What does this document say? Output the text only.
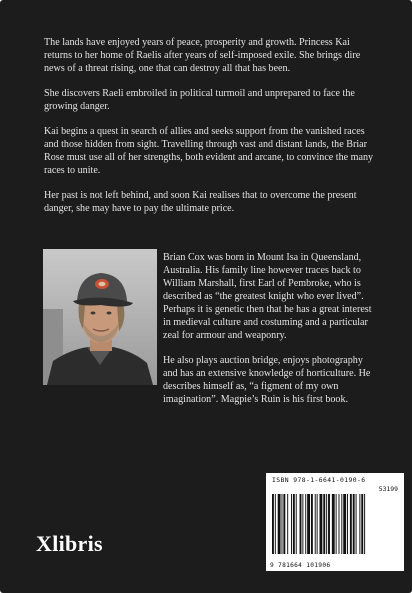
The lands have enjoyed years of peace, prosperity and growth. Princess Kai returns to her home of Raelis after years of self-imposed exile. She brings dire news of a threat rising, one that can destroy all that has been.

She discovers Raeli embroiled in political turmoil and unprepared to face the growing danger.

Kai begins a quest in search of allies and seeks support from the vanished races and those hidden from sight. Travelling through vast and distant lands, the Briar Rose must use all of her strengths, both evident and arcane, to convince the many races to unite.

Her past is not left behind, and soon Kai realises that to overcome the present danger, she may have to pay the ultimate price.

Brian Cox was born in Mount Isa in Queensland, Australia. His family line however traces back to William Marshall, first Earl of Pembroke, who is described as “the greatest knight who ever lived”. Perhaps it is genetic then that he has a great interest in medieval culture and costuming and a particular zeal for armour and weaponry.

He also plays auction bridge, enjoys photography and has an extensive knowledge of horticulture. He describes himself as, “a figment of my own imagination”. Magpie’s Ruin is his first book.

Xlibris
ISBN 978-1-6641-0190-6
53199
9 781664 101906
